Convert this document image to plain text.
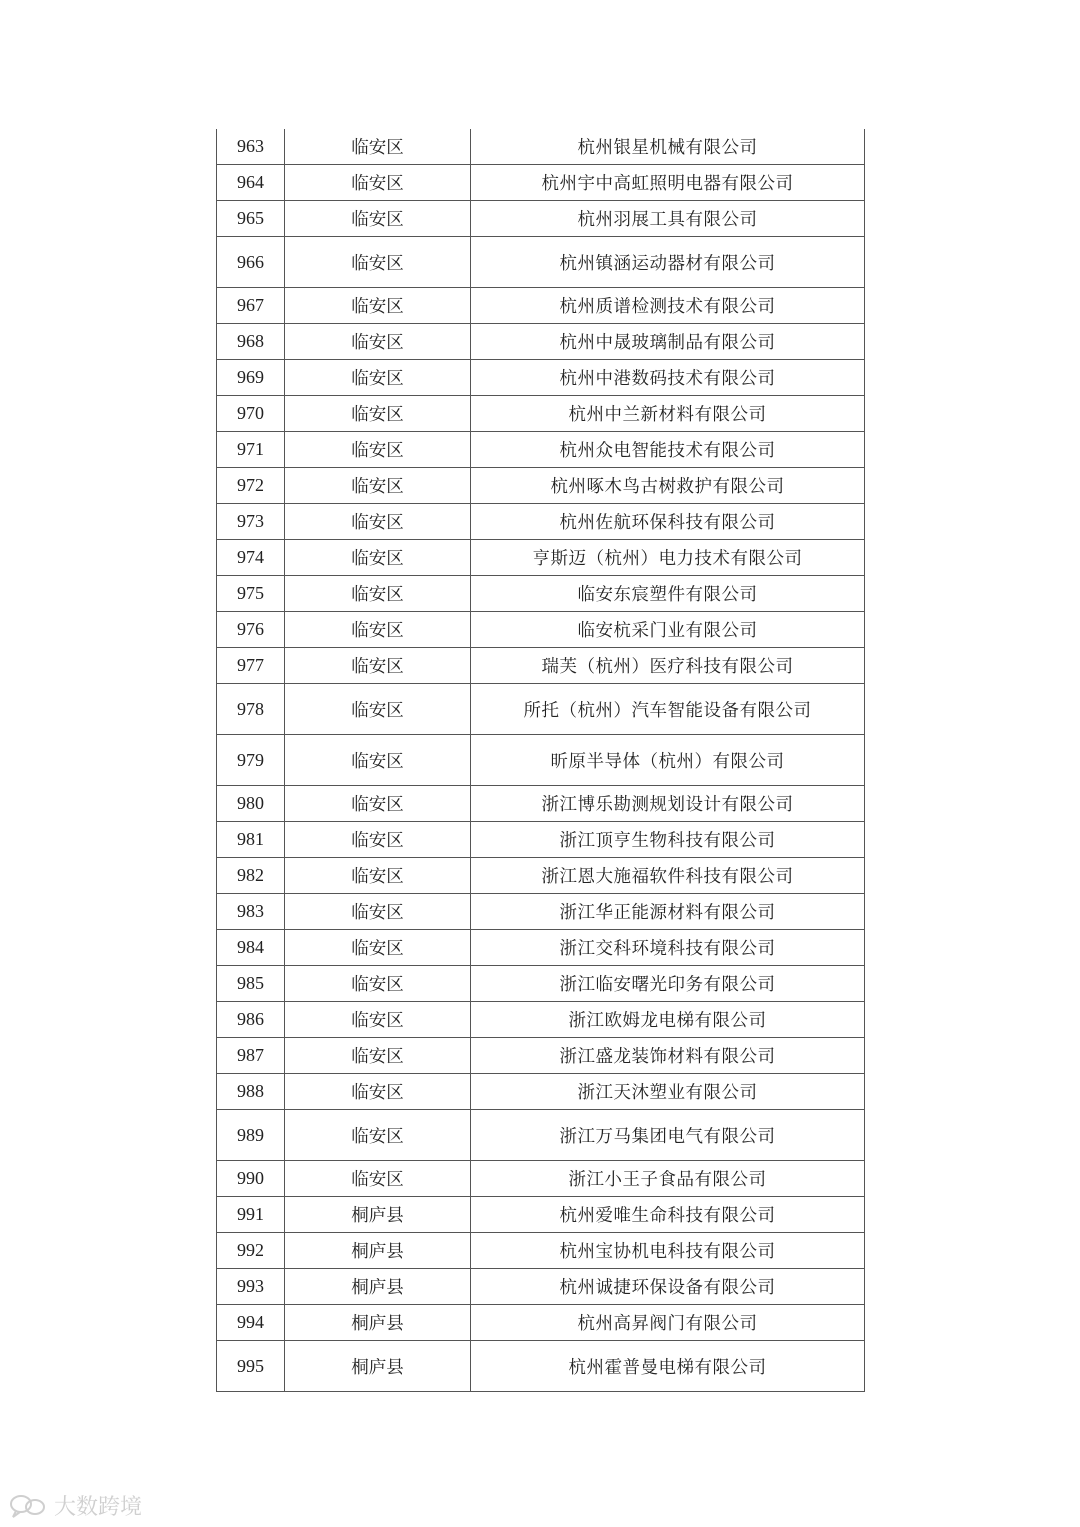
963	临安区	杭州银星机械有限公司
964	临安区	杭州宇中高虹照明电器有限公司
965	临安区	杭州羽展工具有限公司
966	临安区	杭州镇涵运动器材有限公司
967	临安区	杭州质谱检测技术有限公司
968	临安区	杭州中晟玻璃制品有限公司
969	临安区	杭州中港数码技术有限公司
970	临安区	杭州中兰新材料有限公司
971	临安区	杭州众电智能技术有限公司
972	临安区	杭州啄木鸟古树救护有限公司
973	临安区	杭州佐航环保科技有限公司
974	临安区	亨斯迈（杭州）电力技术有限公司
975	临安区	临安东宸塑件有限公司
976	临安区	临安杭采门业有限公司
977	临安区	瑞芙（杭州）医疗科技有限公司
978	临安区	所托（杭州）汽车智能设备有限公司
979	临安区	昕原半导体（杭州）有限公司
980	临安区	浙江博乐勘测规划设计有限公司
981	临安区	浙江顶亨生物科技有限公司
982	临安区	浙江恩大施福软件科技有限公司
983	临安区	浙江华正能源材料有限公司
984	临安区	浙江交科环境科技有限公司
985	临安区	浙江临安曙光印务有限公司
986	临安区	浙江欧姆龙电梯有限公司
987	临安区	浙江盛龙装饰材料有限公司
988	临安区	浙江天沐塑业有限公司
989	临安区	浙江万马集团电气有限公司
990	临安区	浙江小王子食品有限公司
991	桐庐县	杭州爱唯生命科技有限公司
992	桐庐县	杭州宝协机电科技有限公司
993	桐庐县	杭州诚捷环保设备有限公司
994	桐庐县	杭州高昇阀门有限公司
995	桐庐县	杭州霍普曼电梯有限公司
大数跨境
